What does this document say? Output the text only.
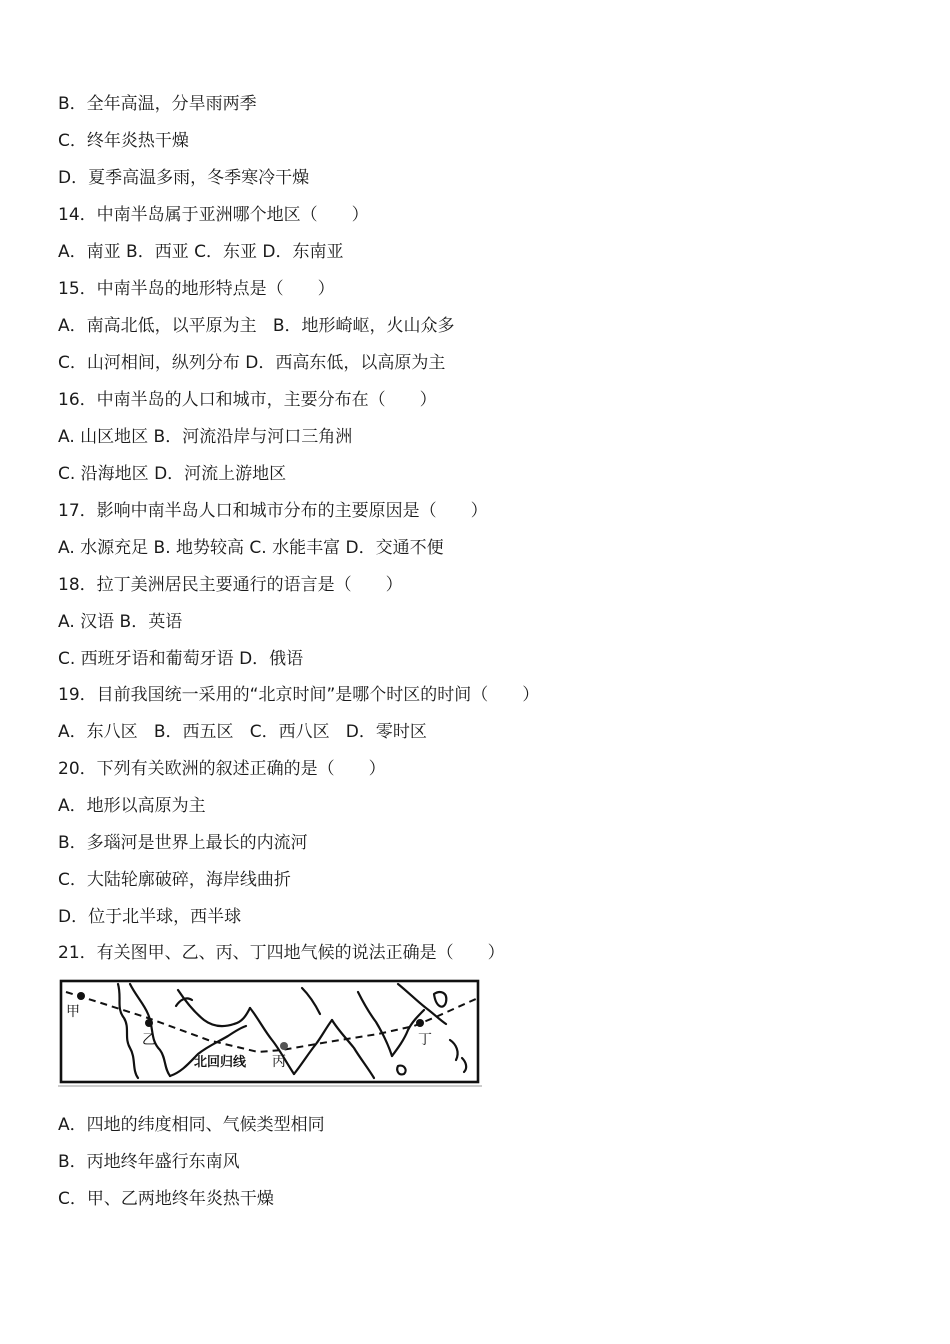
B．全年高温，分旱雨两季
C．终年炎热干燥
D．夏季高温多雨，冬季寒冷干燥
14．中南半岛属于亚洲哪个地区（　　）
A．南亚 B．西亚 C．东亚 D．东南亚
15．中南半岛的地形特点是（　　）
A．南高北低，以平原为主   B．地形崎岖，火山众多
C．山河相间，纵列分布 D．西高东低，以高原为主
16．中南半岛的人口和城市，主要分布在（　　）
A. 山区地区 B．河流沿岸与河口三角洲
C. 沿海地区 D．河流上游地区
17．影响中南半岛人口和城市分布的主要原因是（　　）
A. 水源充足 B. 地势较高 C. 水能丰富 D．交通不便
18．拉丁美洲居民主要通行的语言是（　　）
A. 汉语 B．英语
C. 西班牙语和葡萄牙语 D．俄语
19．目前我国统一采用的“北京时间”是哪个时区的时间（　　）
A．东八区   B．西五区   C．西八区   D．零时区
20．下列有关欧洲的叙述正确的是（　　）
A．地形以高原为主
B．多瑙河是世界上最长的内流河
C．大陆轮廓破碎，海岸线曲折
D．位于北半球，西半球
21．有关图甲、乙、丙、丁四地气候的说法正确是（　　）
A．四地的纬度相同、气候类型相同
B．丙地终年盛行东南风
C．甲、乙两地终年炎热干燥
甲
乙
丙
丁
北回归线
